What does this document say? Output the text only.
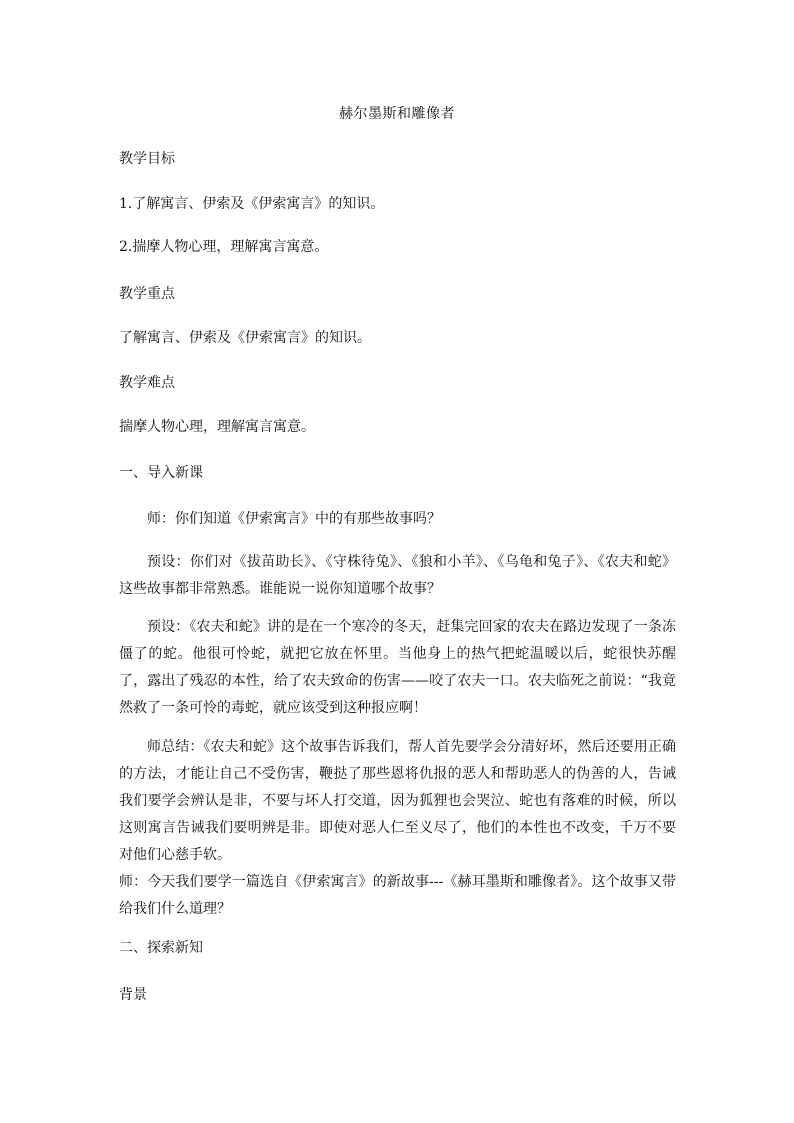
赫尔墨斯和雕像者
教学目标
1.了解寓言、伊索及《伊索寓言》的知识。
2.揣摩人物心理，理解寓言寓意。
教学重点
了解寓言、伊索及《伊索寓言》的知识。
教学难点
揣摩人物心理，理解寓言寓意。
一、导入新课
师：你们知道《伊索寓言》中的有那些故事吗？
预设：你们对《拔苗助长》、《守株待兔》、《狼和小羊》、《乌龟和兔子》、《农夫和蛇》这些故事都非常熟悉。谁能说一说你知道哪个故事？
预设：《农夫和蛇》讲的是在一个寒冷的冬天，赶集完回家的农夫在路边发现了一条冻僵了的蛇。他很可怜蛇，就把它放在怀里。当他身上的热气把蛇温暖以后，蛇很快苏醒了，露出了残忍的本性，给了农夫致命的伤害——咬了农夫一口。农夫临死之前说：“我竟然救了一条可怜的毒蛇，就应该受到这种报应啊！
师总结：《农夫和蛇》这个故事告诉我们，帮人首先要学会分清好坏，然后还要用正确的方法，才能让自己不受伤害，鞭挞了那些恩将仇报的恶人和帮助恶人的伪善的人，告诫我们要学会辨认是非，不要与坏人打交道，因为狐狸也会哭泣、蛇也有落难的时候，所以这则寓言告诫我们要明辨是非。即使对恶人仁至义尽了，他们的本性也不改变，千万不要对他们心慈手软。
师：今天我们要学一篇选自《伊索寓言》的新故事---《赫耳墨斯和雕像者》。这个故事又带给我们什么道理？
二、探索新知
背景
